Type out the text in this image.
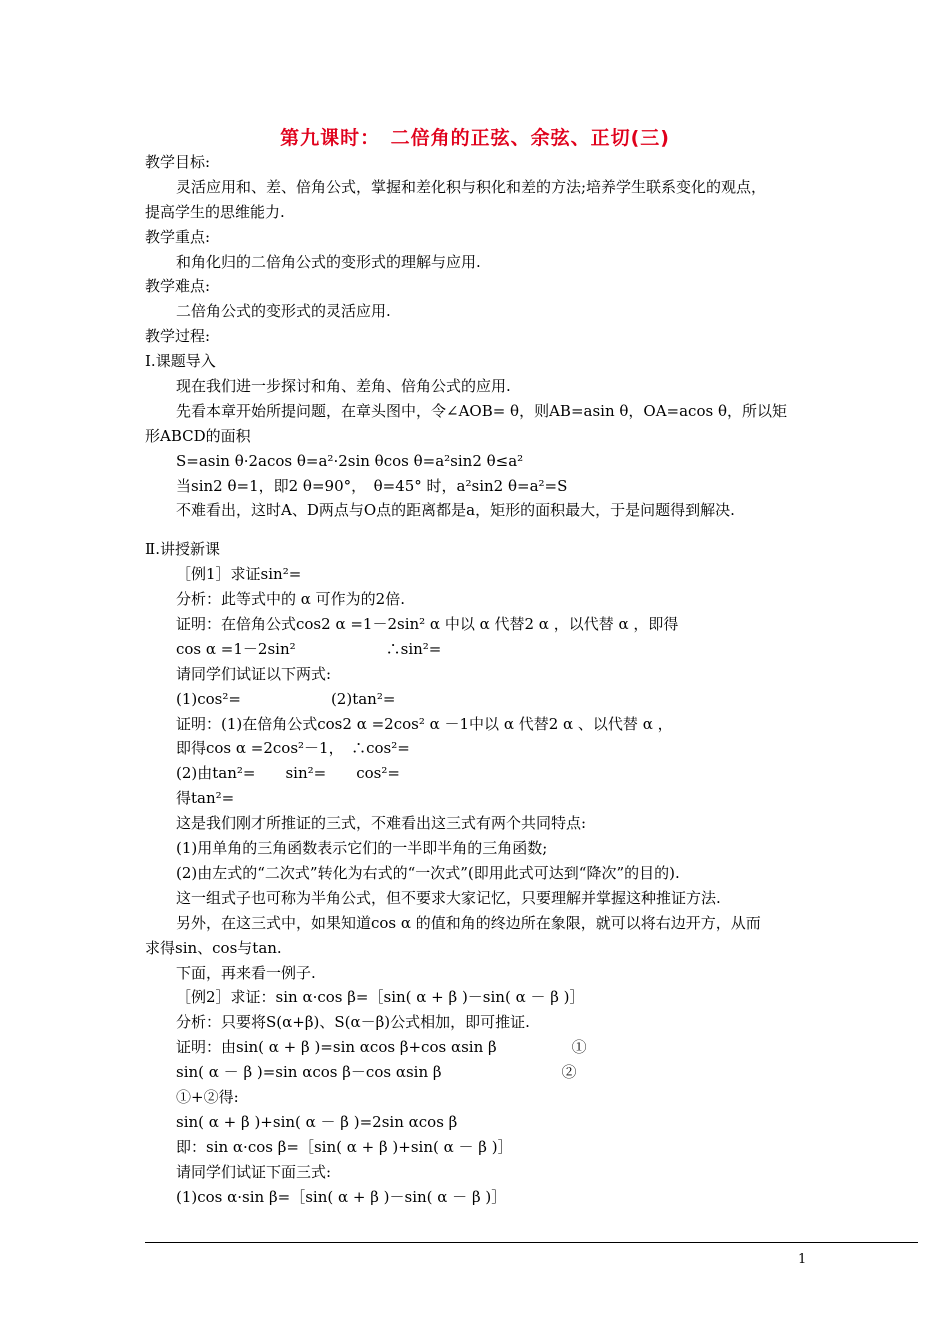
第九课时：　二倍角的正弦、余弦、正切(三)
教学目标:
灵活应用和、差、倍角公式，掌握和差化积与积化和差的方法;培养学生联系变化的观点，
提高学生的思维能力.
教学重点:
和角化归的二倍角公式的变形式的理解与应用.
教学难点:
二倍角公式的变形式的灵活应用.
教学过程:
Ⅰ.课题导入
现在我们进一步探讨和角、差角、倍角公式的应用.
先看本章开始所提问题，在章头图中，令∠AOB= θ，则AB=asin θ，OA=acos θ，所以矩
形ABCD的面积
S=asin θ·2acos θ=a²·2sin θcos θ=a²sin2 θ≤a²
当sin2 θ=1，即2 θ=90°，　θ=45° 时，a²sin2 θ=a²=S
不难看出，这时A、D两点与O点的距离都是a，矩形的面积最大，于是问题得到解决.
Ⅱ.讲授新课
［例1］求证sin²=
分析：此等式中的 α 可作为的2倍.
证明：在倍角公式cos2 α =1－2sin² α 中以 α 代替2 α ，以代替 α ，即得
cos α =1－2sin²　　　　　　∴sin²=
请同学们试证以下两式:
(1)cos²=　　　　　　(2)tan²=
证明：(1)在倍角公式cos2 α =2cos² α －1中以 α 代替2 α 、以代替 α ，
即得cos α =2cos²－1，　∴cos²=
(2)由tan²=　　sin²=　　cos²=
得tan²=
这是我们刚才所推证的三式，不难看出这三式有两个共同特点:
(1)用单角的三角函数表示它们的一半即半角的三角函数;
(2)由左式的“二次式”转化为右式的“一次式”(即用此式可达到“降次”的目的).
这一组式子也可称为半角公式，但不要求大家记忆，只要理解并掌握这种推证方法.
另外，在这三式中，如果知道cos α 的值和角的终边所在象限，就可以将右边开方，从而
求得sin、cos与tan.
下面，再来看一例子.
［例2］求证：sin α·cos β=［sin( α + β )－sin( α － β )］
分析：只要将S(α+β)、S(α－β)公式相加，即可推证.
证明：由sin( α + β )=sin αcos β+cos αsin β　　　　　①
sin( α － β )=sin αcos β－cos αsin β　　　　　　　　②
①+②得:
sin( α + β )+sin( α － β )=2sin αcos β
即：sin α·cos β=［sin( α + β )+sin( α － β )］
请同学们试证下面三式:
(1)cos α·sin β=［sin( α + β )－sin( α － β )］
1
